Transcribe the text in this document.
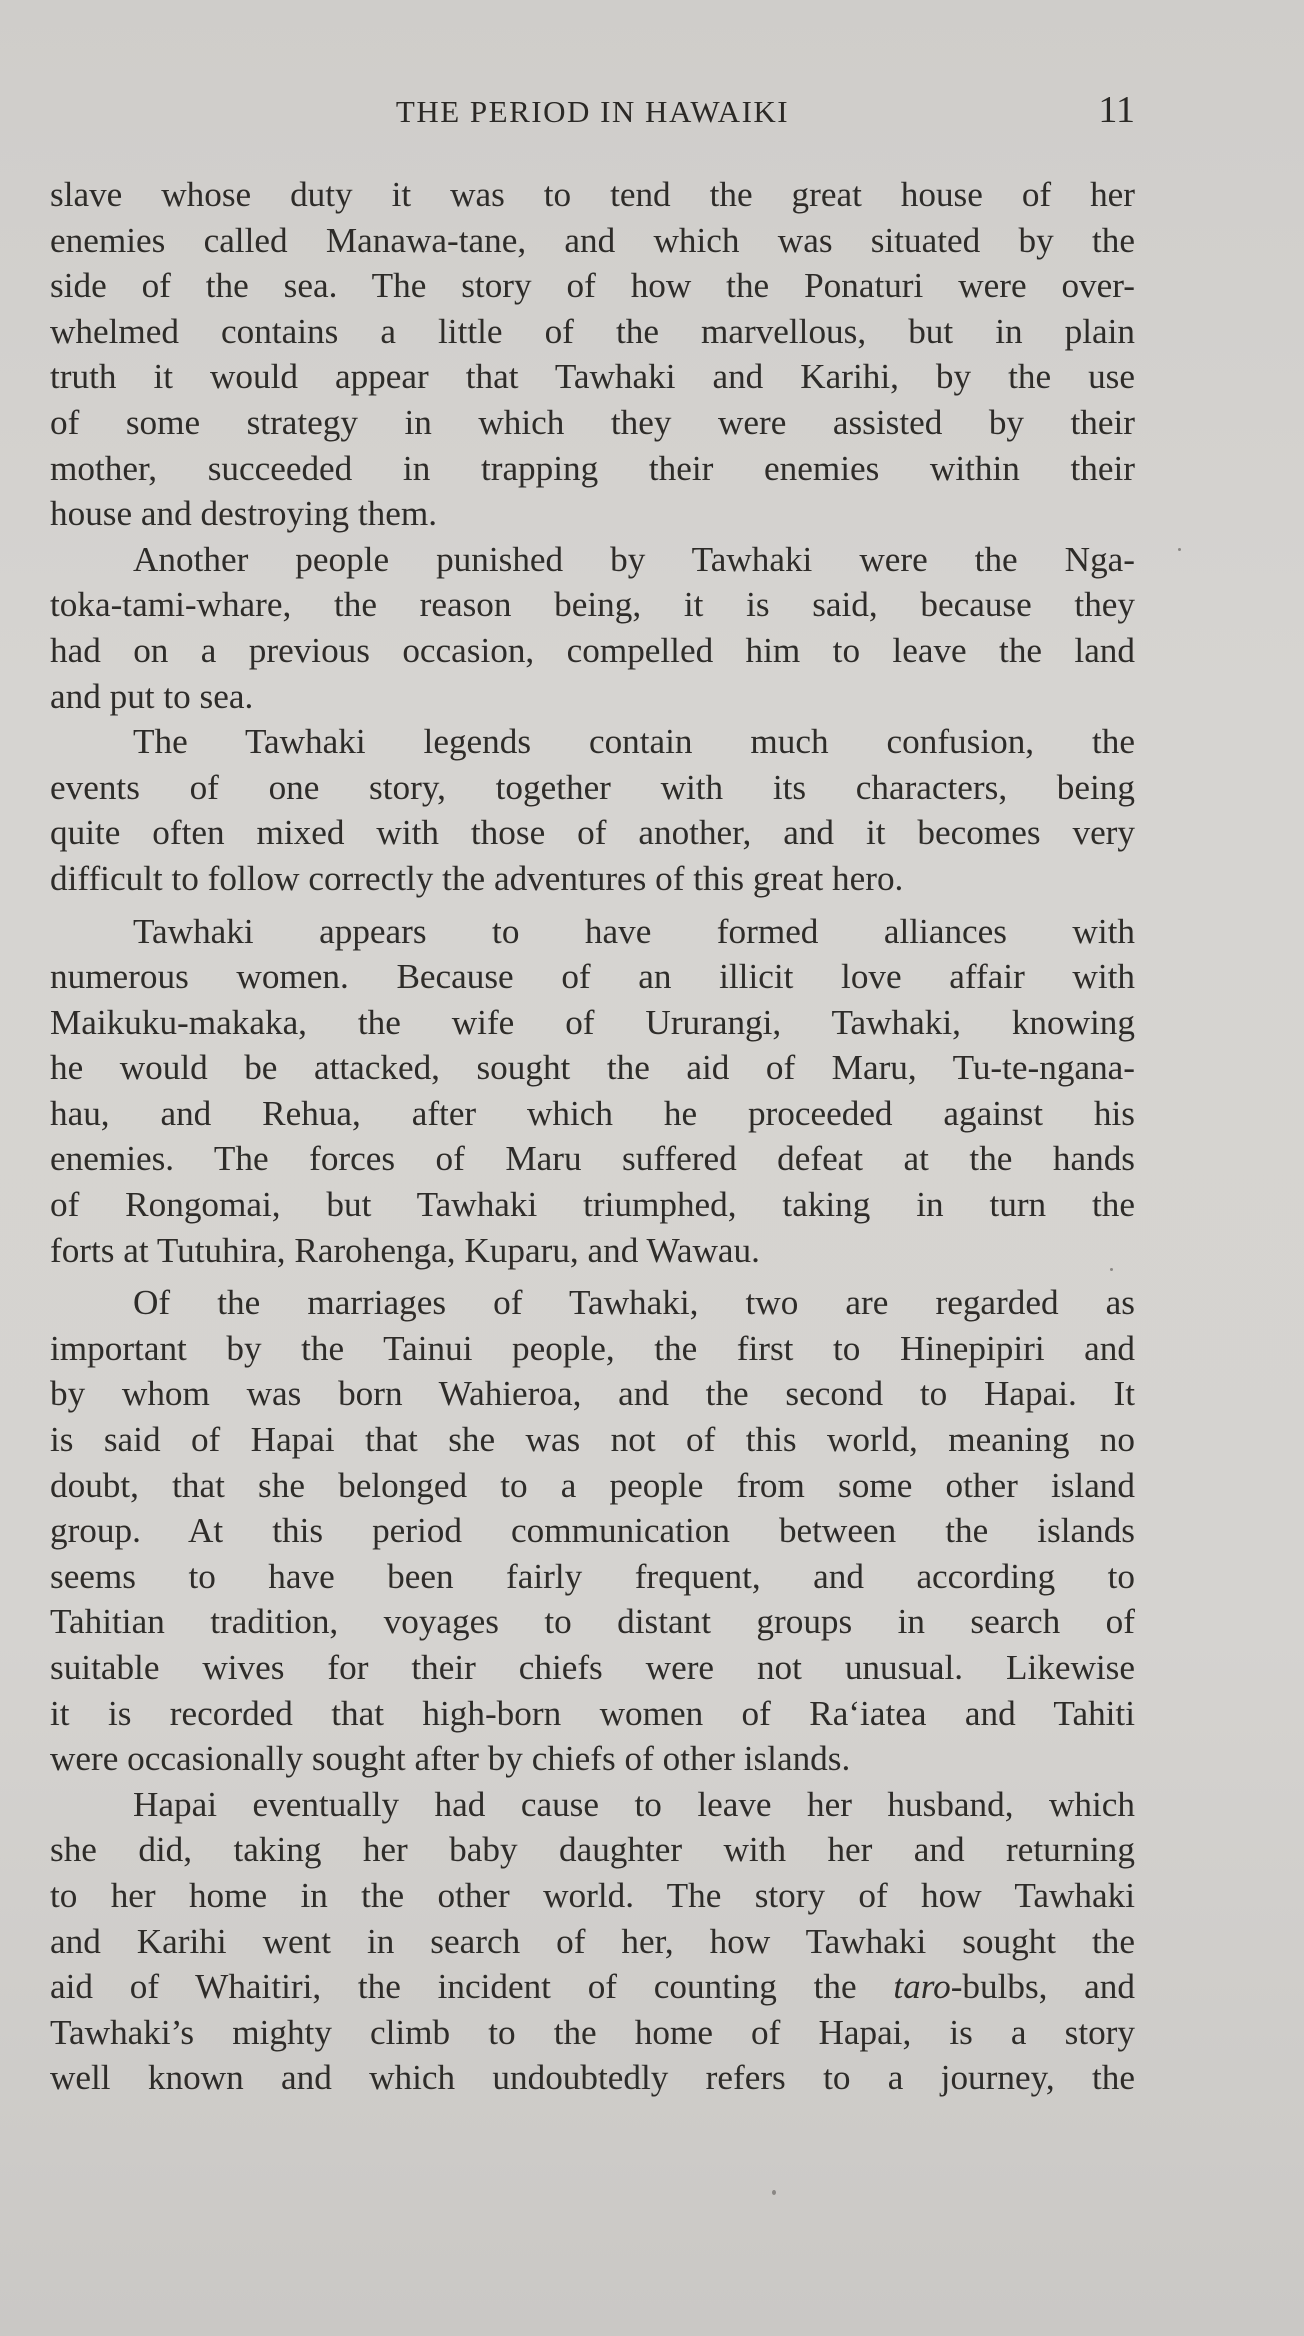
THE PERIOD IN HAWAIKI	11
slave whose duty it was to tend the great house of her
enemies called Manawa-tane, and which was situated by the
side of the sea. The story of how the Ponaturi were over-
whelmed contains a little of the marvellous, but in plain
truth it would appear that Tawhaki and Karihi, by the use
of some strategy in which they were assisted by their
mother, succeeded in trapping their enemies within their
house and destroying them.
Another people punished by Tawhaki were the Nga-
toka-tami-whare, the reason being, it is said, because they
had on a previous occasion, compelled him to leave the land
and put to sea.
The Tawhaki legends contain much confusion, the
events of one story, together with its characters, being
quite often mixed with those of another, and it becomes very
difficult to follow correctly the adventures of this great hero.
Tawhaki appears to have formed alliances with
numerous women. Because of an illicit love affair with
Maikuku-makaka, the wife of Ururangi, Tawhaki, knowing
he would be attacked, sought the aid of Maru, Tu-te-ngana-
hau, and Rehua, after which he proceeded against his
enemies. The forces of Maru suffered defeat at the hands
of Rongomai, but Tawhaki triumphed, taking in turn the
forts at Tutuhira, Rarohenga, Kuparu, and Wawau.
Of the marriages of Tawhaki, two are regarded as
important by the Tainui people, the first to Hinepipiri and
by whom was born Wahieroa, and the second to Hapai. It
is said of Hapai that she was not of this world, meaning no
doubt, that she belonged to a people from some other island
group. At this period communication between the islands
seems to have been fairly frequent, and according to
Tahitian tradition, voyages to distant groups in search of
suitable wives for their chiefs were not unusual. Likewise
it is recorded that high-born women of Ra‘iatea and Tahiti
were occasionally sought after by chiefs of other islands.
Hapai eventually had cause to leave her husband, which
she did, taking her baby daughter with her and returning
to her home in the other world. The story of how Tawhaki
and Karihi went in search of her, how Tawhaki sought the
aid of Whaitiri, the incident of counting the taro-bulbs, and
Tawhaki’s mighty climb to the home of Hapai, is a story
well known and which undoubtedly refers to a journey, the
